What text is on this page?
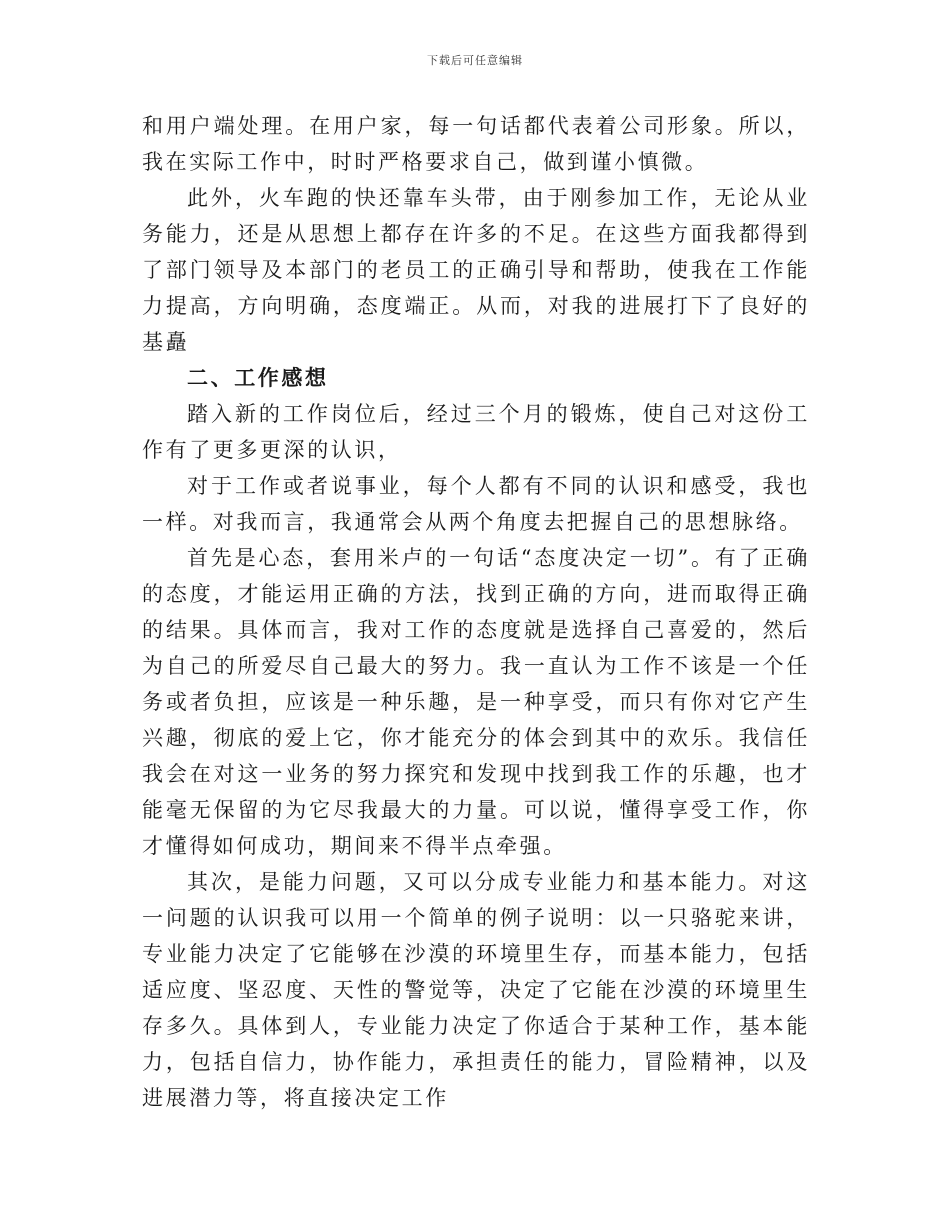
下载后可任意编辑

和用户端处理。在用户家，每一句话都代表着公司形象。所以，我在实际工作中，时时严格要求自己，做到谨小慎微。

此外，火车跑的快还靠车头带，由于刚参加工作，无论从业务能力，还是从思想上都存在许多的不足。在这些方面我都得到了部门领导及本部门的老员工的正确引导和帮助，使我在工作能力提高，方向明确，态度端正。从而，对我的进展打下了良好的基矗

二、工作感想

踏入新的工作岗位后，经过三个月的锻炼，使自己对这份工作有了更多更深的认识，

对于工作或者说事业，每个人都有不同的认识和感受，我也一样。对我而言，我通常会从两个角度去把握自己的思想脉络。

首先是心态，套用米卢的一句话“态度决定一切”。有了正确的态度，才能运用正确的方法，找到正确的方向，进而取得正确的结果。具体而言，我对工作的态度就是选择自己喜爱的，然后为自己的所爱尽自己最大的努力。我一直认为工作不该是一个任务或者负担，应该是一种乐趣，是一种享受，而只有你对它产生兴趣，彻底的爱上它，你才能充分的体会到其中的欢乐。我信任我会在对这一业务的努力探究和发现中找到我工作的乐趣，也才能毫无保留的为它尽我最大的力量。可以说，懂得享受工作，你才懂得如何成功，期间来不得半点牵强。

其次，是能力问题，又可以分成专业能力和基本能力。对这一问题的认识我可以用一个简单的例子说明：以一只骆驼来讲，专业能力决定了它能够在沙漠的环境里生存，而基本能力，包括适应度、坚忍度、天性的警觉等，决定了它能在沙漠的环境里生存多久。具体到人，专业能力决定了你适合于某种工作，基本能力，包括自信力，协作能力，承担责任的能力，冒险精神，以及进展潜力等，将直接决定工作
